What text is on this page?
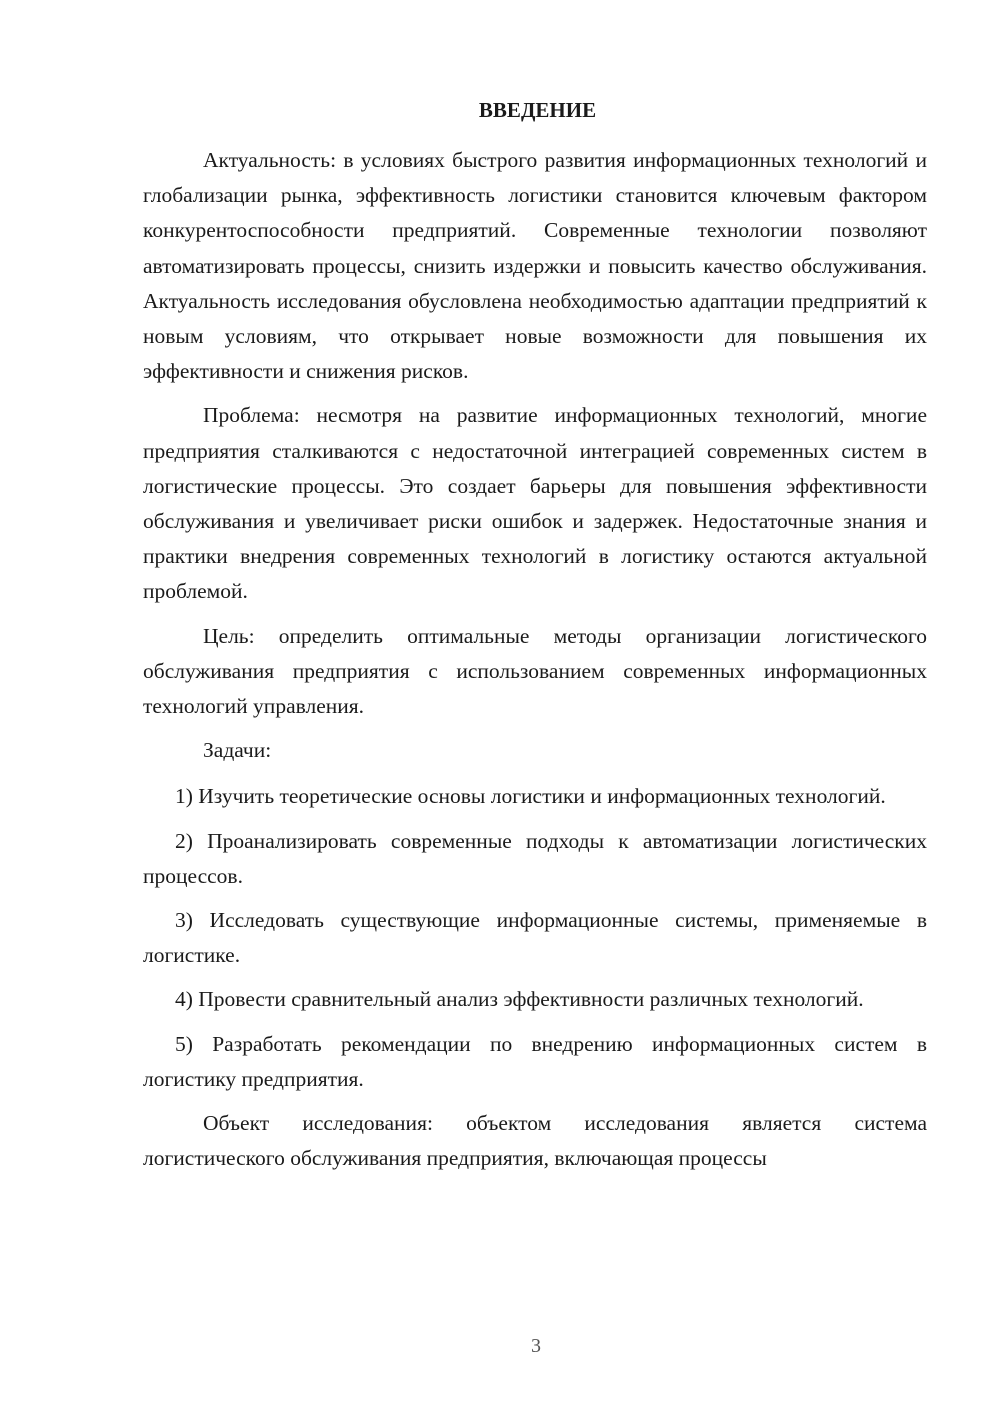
ВВЕДЕНИЕ

Актуальность: в условиях быстрого развития информационных технологий и глобализации рынка, эффективность логистики становится ключевым фактором конкурентоспособности предприятий. Современные технологии позволяют автоматизировать процессы, снизить издержки и повысить качество обслуживания. Актуальность исследования обусловлена необходимостью адаптации предприятий к новым условиям, что открывает новые возможности для повышения их эффективности и снижения рисков.

Проблема: несмотря на развитие информационных технологий, многие предприятия сталкиваются с недостаточной интеграцией современных систем в логистические процессы. Это создает барьеры для повышения эффективности обслуживания и увеличивает риски ошибок и задержек. Недостаточные знания и практики внедрения современных технологий в логистику остаются актуальной проблемой.

Цель: определить оптимальные методы организации логистического обслуживания предприятия с использованием современных информационных технологий управления.

Задачи:

1) Изучить теоретические основы логистики и информационных технологий.

2) Проанализировать современные подходы к автоматизации логистических процессов.

3) Исследовать существующие информационные системы, применяемые в логистике.

4) Провести сравнительный анализ эффективности различных технологий.

5) Разработать рекомендации по внедрению информационных систем в логистику предприятия.

Объект исследования: объектом исследования является система логистического обслуживания предприятия, включающая процессы

3
